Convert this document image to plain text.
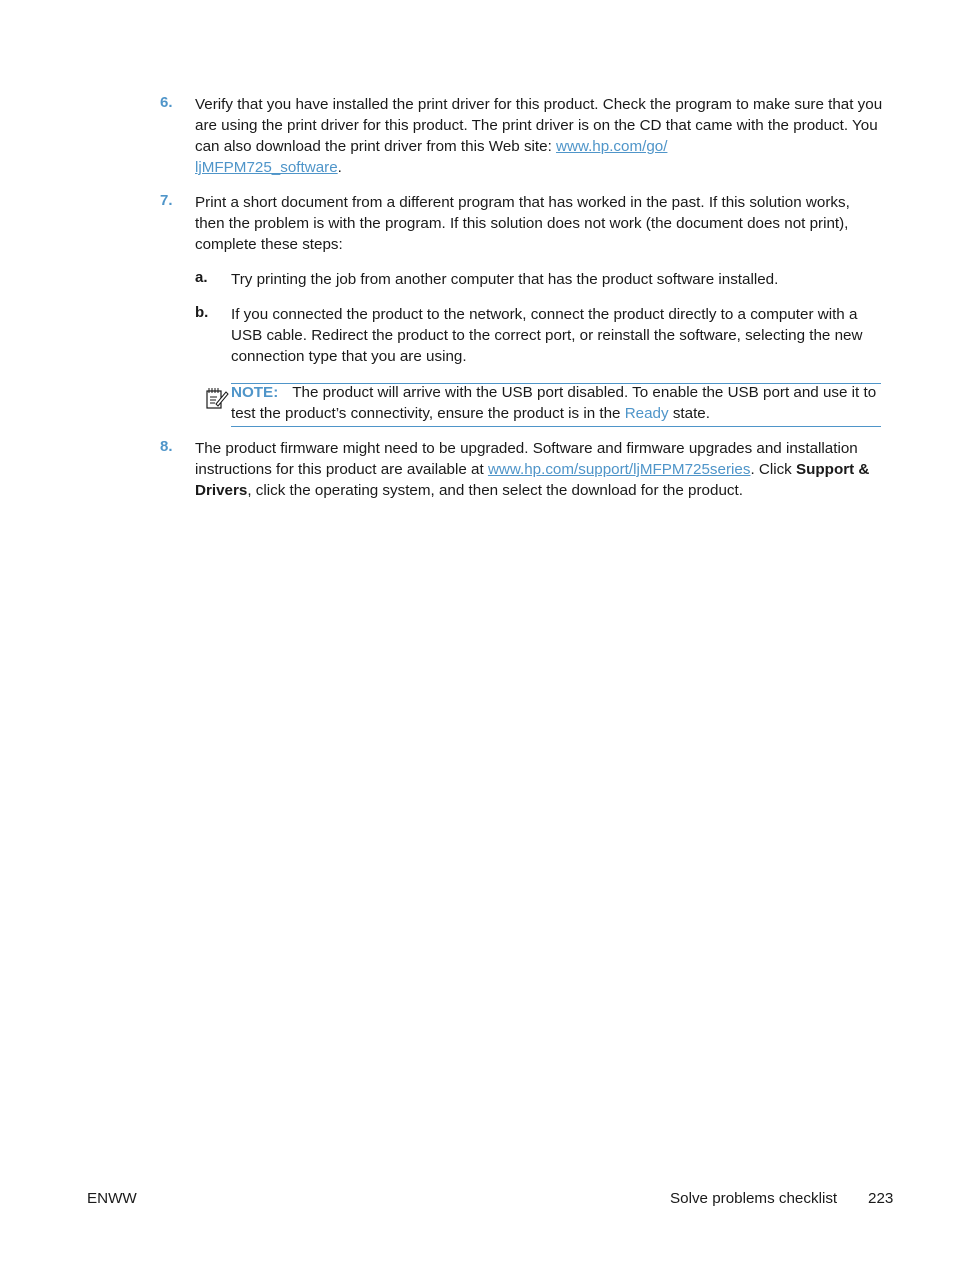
6.	Verify that you have installed the print driver for this product. Check the program to make sure that you are using the print driver for this product. The print driver is on the CD that came with the product. You can also download the print driver from this Web site: www.hp.com/go/
ljMFPM725_software.
7.	Print a short document from a different program that has worked in the past. If this solution works, then the problem is with the program. If this solution does not work (the document does not print), complete these steps:
a. Try printing the job from another computer that has the product software installed.
b. If you connected the product to the network, connect the product directly to a computer with a USB cable. Redirect the product to the correct port, or reinstall the software, selecting the new connection type that you are using.
NOTE: The product will arrive with the USB port disabled. To enable the USB port and use it to test the product’s connectivity, ensure the product is in the Ready state.
8.	The product firmware might need to be upgraded. Software and firmware upgrades and installation instructions for this product are available at www.hp.com/support/ljMFPM725series. Click Support & Drivers, click the operating system, and then select the download for the product.
ENWW	Solve problems checklist 223
